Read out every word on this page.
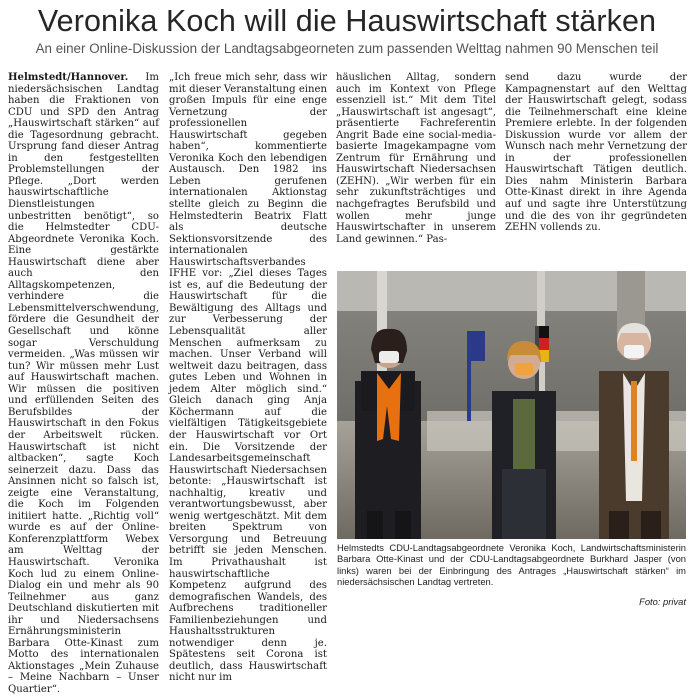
Veronika Koch will die Hauswirtschaft stärken
An einer Online-Diskussion der Landtagsabgeorneten zum passenden Welttag nahmen 90 Menschen teil

Helmstedt/Hannover. Im niedersächsischen Landtag haben die Fraktionen von CDU und SPD den Antrag „Hauswirtschaft stärken“ auf die Tagesordnung gebracht. Ursprung fand dieser Antrag in den festgestellten Problemstellungen der Pflege. „Dort werden hauswirtschaftliche Dienstleistungen unbestritten benötigt“, so die Helmstedter CDU-Abgeordnete Veronika Koch. Eine gestärkte Hauswirtschaft diene aber auch den Alltagskompetenzen, verhindere die Lebensmittelverschwendung, fördere die Gesundheit der Gesellschaft und könne sogar Verschuldung vermeiden. „Was müssen wir tun? Wir müssen mehr Lust auf Hauswirtschaft machen. Wir müssen die positiven und erfüllenden Seiten des Berufsbildes der Hauswirtschaft in den Fokus der Arbeitswelt rücken. Hauswirtschaft ist nicht altbacken“, sagte Koch seinerzeit dazu. Dass das Ansinnen nicht so falsch ist, zeigte eine Veranstaltung, die Koch im Folgenden initiiert hatte. „Richtig voll“ wurde es auf der Online-Konferenzplattform Webex am Welttag der Hauswirtschaft. Veronika Koch lud zu einem Online-Dialog ein und mehr als 90 Teilnehmer aus ganz Deutschland diskutierten mit ihr und Niedersachsens Ernährungsministerin Barbara Otte-Kinast zum Motto des internationalen Aktionstages „Mein Zuhause – Meine Nachbarn – Unser Quartier“.

„Ich freue mich sehr, dass wir mit dieser Veranstaltung einen großen Impuls für eine enge Vernetzung der professionellen Hauswirtschaft gegeben haben“, kommentierte Veronika Koch den lebendigen Austausch. Den 1982 ins Leben gerufenen internationalen Aktionstag stellte gleich zu Beginn die Helmstedterin Beatrix Flatt als deutsche Sektionsvorsitzende des internationalen Hauswirtschaftsverbandes IFHE vor: „Ziel dieses Tages ist es, auf die Bedeutung der Hauswirtschaft für die Bewältigung des Alltags und zur Verbesserung der Lebensqualität aller Menschen aufmerksam zu machen. Unser Verband will weltweit dazu beitragen, dass gutes Leben und Wohnen in jedem Alter möglich sind.“ Gleich danach ging Anja Köchermann auf die vielfältigen Tätigkeitsgebiete der Hauswirtschaft vor Ort ein. Die Vorsitzende der Landesarbeitsgemeinschaft Hauswirtschaft Niedersachsen betonte: „Hauswirtschaft ist nachhaltig, kreativ und verantwortungsbewusst, aber wenig wertgeschätzt. Mit dem breiten Spektrum von Versorgung und Betreuung betrifft sie jeden Menschen. Im Privathaushalt ist hauswirtschaftliche Kompetenz aufgrund des demografischen Wandels, des Aufbrechens traditioneller Familienbeziehungen und Haushaltsstrukturen notwendiger denn je. Spätestens seit Corona ist deutlich, dass Hauswirtschaft nicht nur im

häuslichen Alltag, sondern auch im Kontext von Pflege essenziell ist.“ Mit dem Titel „Hauswirtschaft ist angesagt“, präsentierte Fachreferentin Angrit Bade eine social-media-basierte Imagekampagne vom Zentrum für Ernährung und Hauswirtschaft Niedersachsen (ZEHN). „Wir werben für ein sehr zukunftsträchtiges und nachgefragtes Berufsbild und wollen mehr junge Hauswirtschafter in unserem Land gewinnen.“ Pas-

send dazu wurde der Kampagnenstart auf den Welttag der Hauswirtschaft gelegt, sodass die Teilnehmerschaft eine kleine Premiere erlebte. In der folgenden Diskussion wurde vor allem der Wunsch nach mehr Vernetzung der in der professionellen Hauswirtschaft Tätigen deutlich. Dies nahm Ministerin Barbara Otte-Kinast direkt in ihre Agenda auf und sagte ihre Unterstützung und die des von ihr gegründeten ZEHN vollends zu.

Helmstedts CDU-Landtagsabgeordnete Veronika Koch, Landwirtschaftsministerin Barbara Otte-Kinast und der CDU-Landtagsabgeordnete Burkhard Jasper (von links) waren bei der Einbringung des Antrages „Hauswirtschaft stärken“ im niedersächsischen Landtag vertreten.
Foto: privat
